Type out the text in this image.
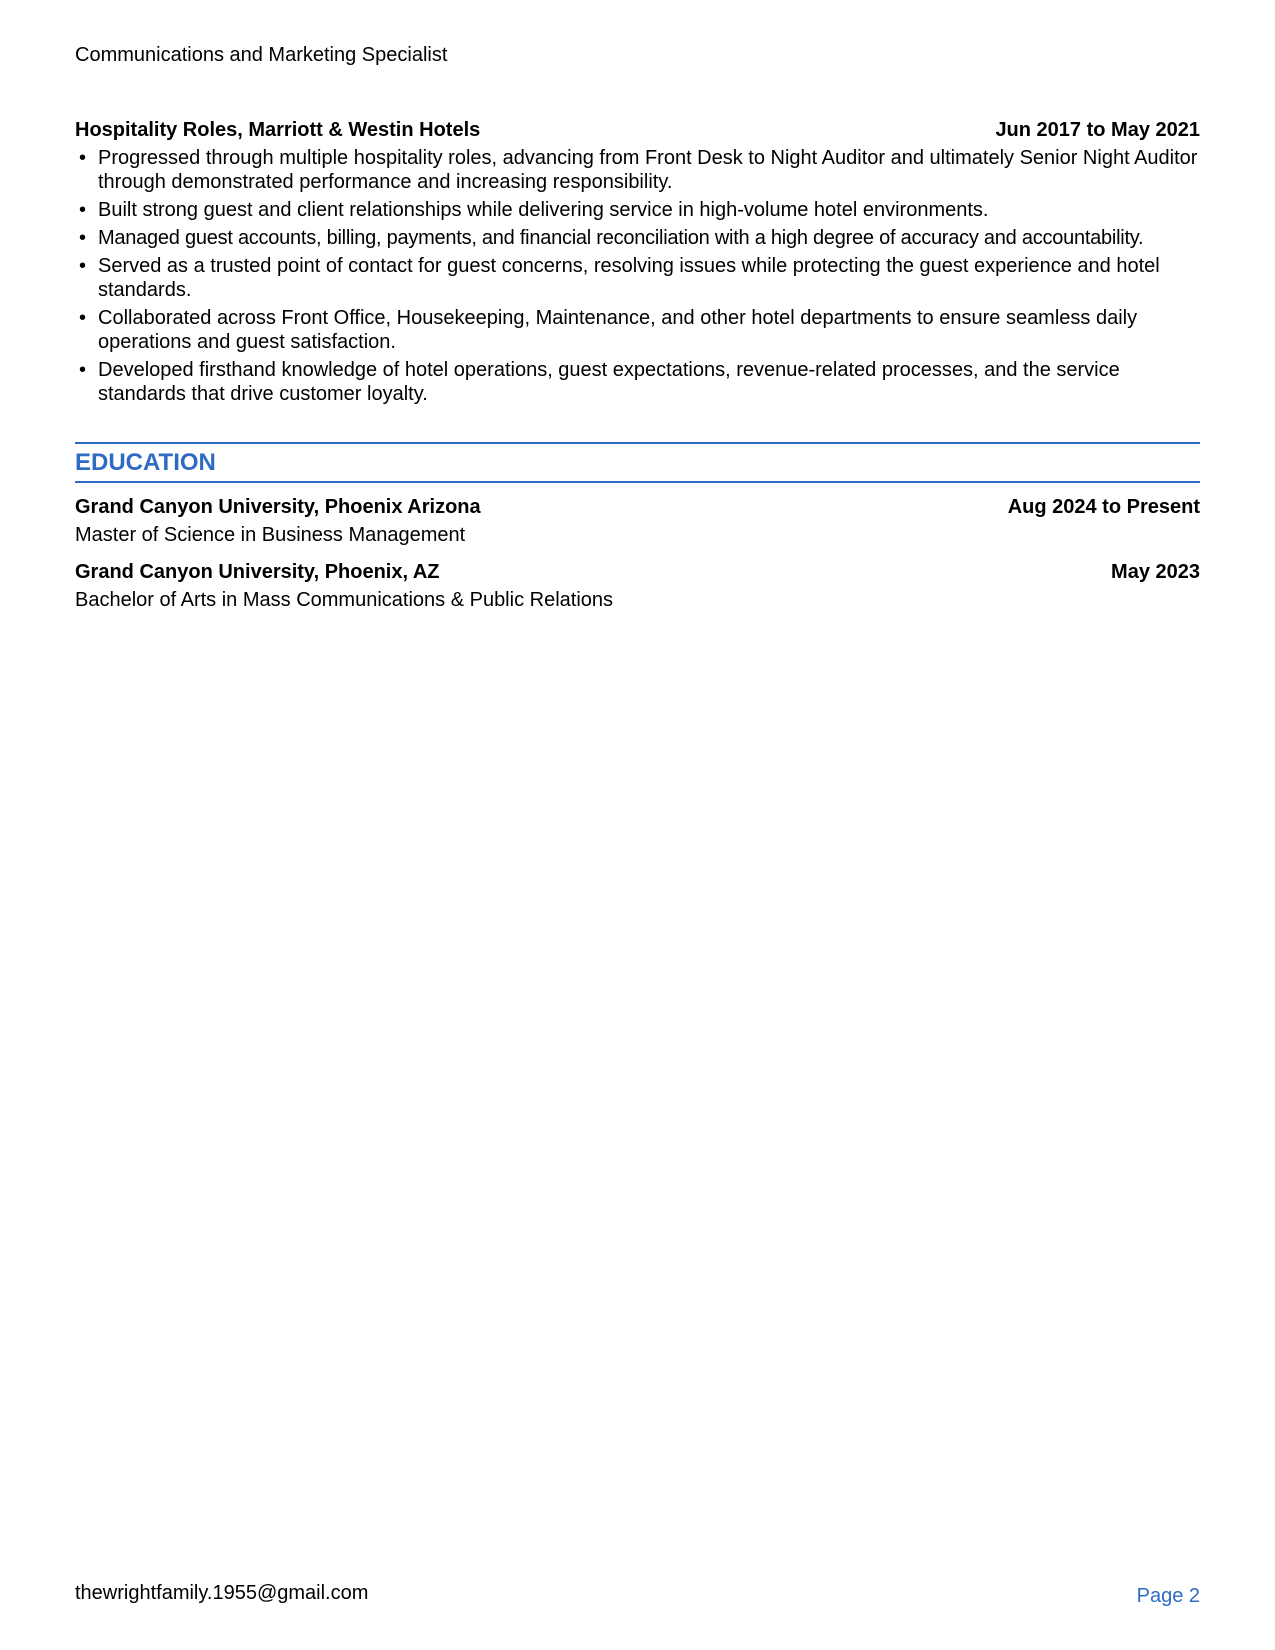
Communications and Marketing Specialist
Hospitality Roles, Marriott & Westin Hotels	Jun 2017 to May 2021
• Progressed through multiple hospitality roles, advancing from Front Desk to Night Auditor and ultimately Senior Night Auditor through demonstrated performance and increasing responsibility.
• Built strong guest and client relationships while delivering service in high-volume hotel environments.
• Managed guest accounts, billing, payments, and financial reconciliation with a high degree of accuracy and accountability.
• Served as a trusted point of contact for guest concerns, resolving issues while protecting the guest experience and hotel standards.
• Collaborated across Front Office, Housekeeping, Maintenance, and other hotel departments to ensure seamless daily operations and guest satisfaction.
• Developed firsthand knowledge of hotel operations, guest expectations, revenue-related processes, and the service standards that drive customer loyalty.
EDUCATION
Grand Canyon University, Phoenix Arizona	Aug 2024 to Present
Master of Science in Business Management
Grand Canyon University, Phoenix, AZ	May 2023
Bachelor of Arts in Mass Communications & Public Relations
thewrightfamily.1955@gmail.com	Page 2
